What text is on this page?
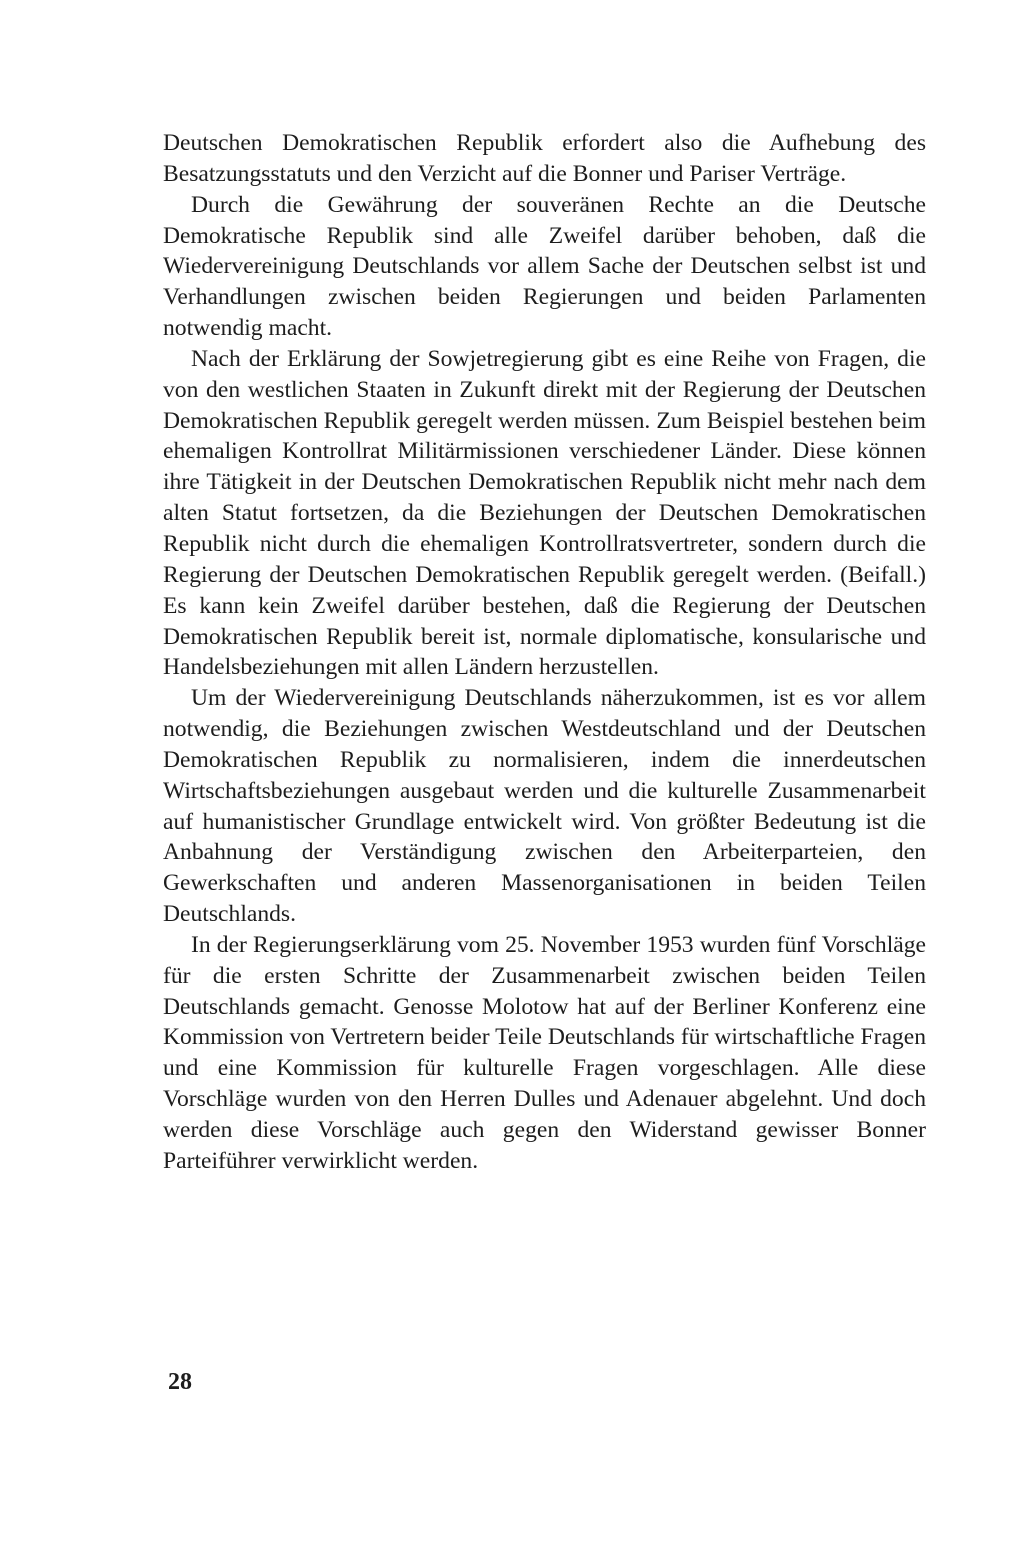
Deutschen Demokratischen Republik erfordert also die Aufhebung des Besatzungsstatuts und den Verzicht auf die Bonner und Pariser Verträge.

Durch die Gewährung der souveränen Rechte an die Deutsche Demokratische Republik sind alle Zweifel darüber behoben, daß die Wiedervereinigung Deutschlands vor allem Sache der Deutschen selbst ist und Verhandlungen zwischen beiden Regierungen und beiden Parlamenten notwendig macht.

Nach der Erklärung der Sowjetregierung gibt es eine Reihe von Fragen, die von den westlichen Staaten in Zukunft direkt mit der Regierung der Deutschen Demokratischen Republik geregelt werden müssen. Zum Beispiel bestehen beim ehemaligen Kontrollrat Militärmissionen verschiedener Länder. Diese können ihre Tätigkeit in der Deutschen Demokratischen Republik nicht mehr nach dem alten Statut fortsetzen, da die Beziehungen der Deutschen Demokratischen Republik nicht durch die ehemaligen Kontrollratsvertreter, sondern durch die Regierung der Deutschen Demokratischen Republik geregelt werden. (Beifall.) Es kann kein Zweifel darüber bestehen, daß die Regierung der Deutschen Demokratischen Republik bereit ist, normale diplomatische, konsularische und Handelsbeziehungen mit allen Ländern herzustellen.

Um der Wiedervereinigung Deutschlands näherzukommen, ist es vor allem notwendig, die Beziehungen zwischen Westdeutschland und der Deutschen Demokratischen Republik zu normalisieren, indem die innerdeutschen Wirtschaftsbeziehungen ausgebaut werden und die kulturelle Zusammenarbeit auf humanistischer Grundlage entwickelt wird. Von größter Bedeutung ist die Anbahnung der Verständigung zwischen den Arbeiterparteien, den Gewerkschaften und anderen Massenorganisationen in beiden Teilen Deutschlands.

In der Regierungserklärung vom 25. November 1953 wurden fünf Vorschläge für die ersten Schritte der Zusammenarbeit zwischen beiden Teilen Deutschlands gemacht. Genosse Molotow hat auf der Berliner Konferenz eine Kommission von Vertretern beider Teile Deutschlands für wirtschaftliche Fragen und eine Kommission für kulturelle Fragen vorgeschlagen. Alle diese Vorschläge wurden von den Herren Dulles und Adenauer abgelehnt. Und doch werden diese Vorschläge auch gegen den Widerstand gewisser Bonner Parteiführer verwirklicht werden.

28
